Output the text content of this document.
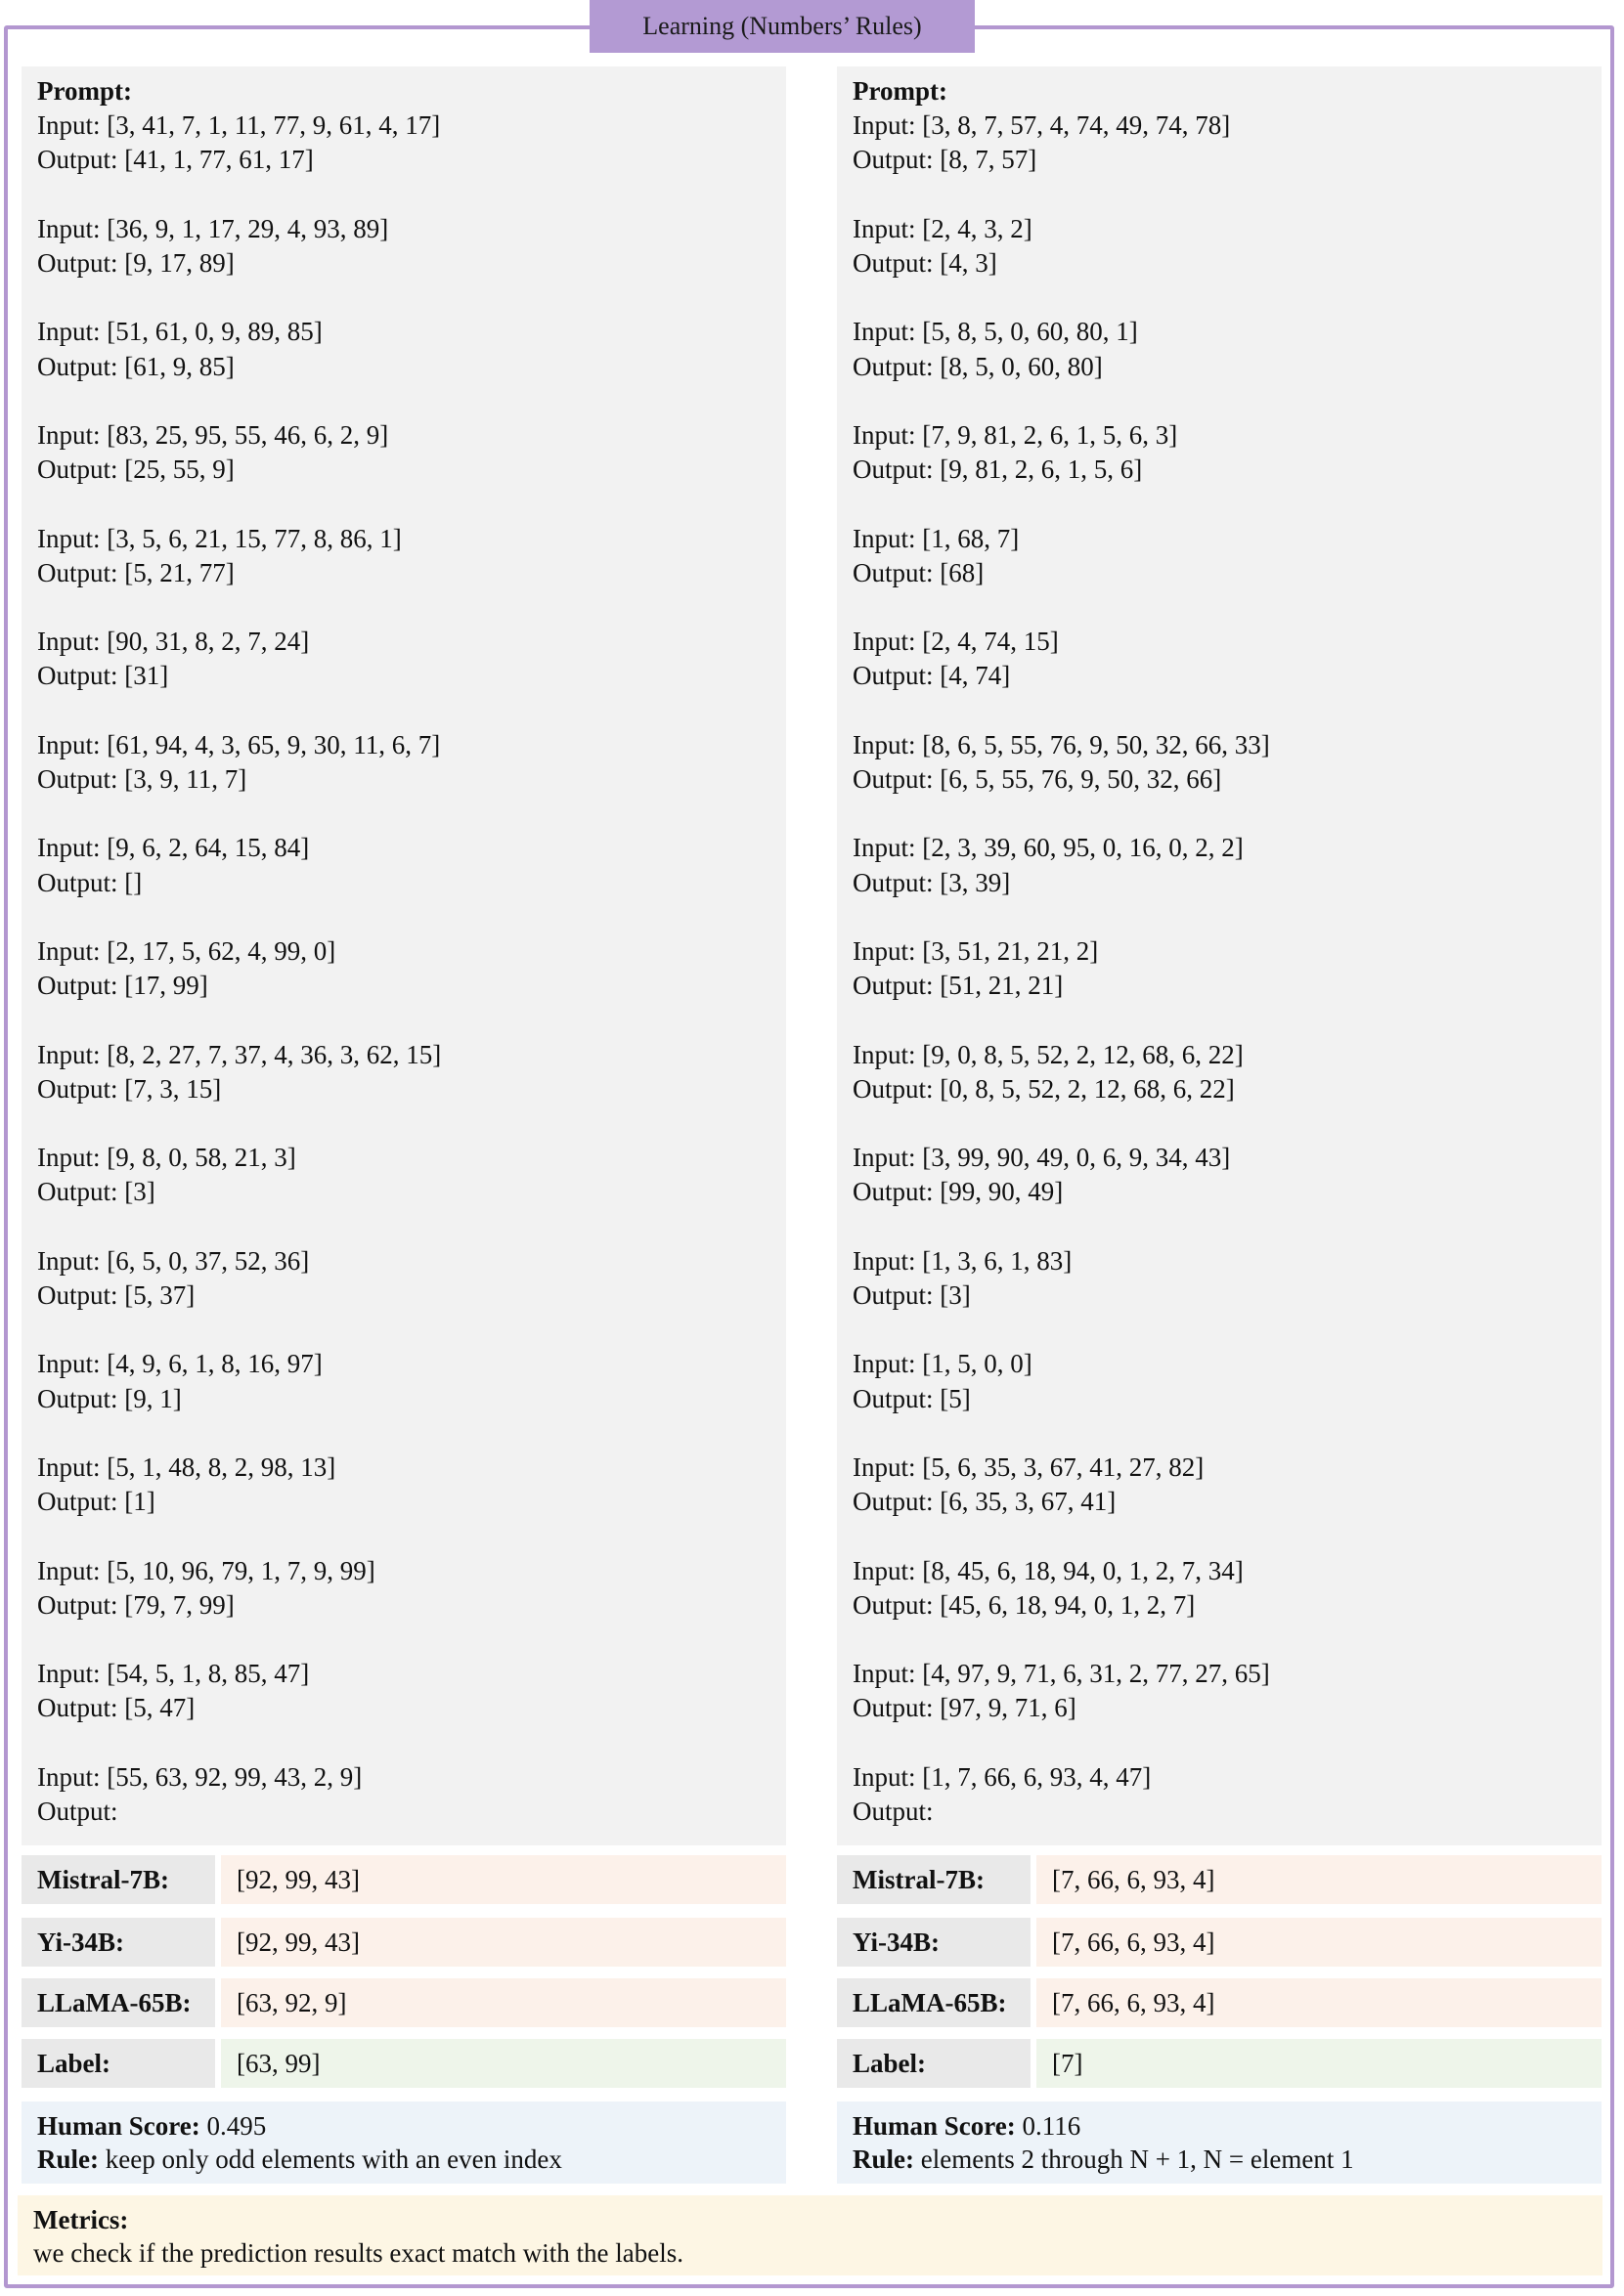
Learning (Numbers’ Rules)
Prompt:
Input: [3, 41, 7, 1, 11, 77, 9, 61, 4, 17]
Output: [41, 1, 77, 61, 17]
Input: [36, 9, 1, 17, 29, 4, 93, 89]
Output: [9, 17, 89]
Input: [51, 61, 0, 9, 89, 85]
Output: [61, 9, 85]
Input: [83, 25, 95, 55, 46, 6, 2, 9]
Output: [25, 55, 9]
Input: [3, 5, 6, 21, 15, 77, 8, 86, 1]
Output: [5, 21, 77]
Input: [90, 31, 8, 2, 7, 24]
Output: [31]
Input: [61, 94, 4, 3, 65, 9, 30, 11, 6, 7]
Output: [3, 9, 11, 7]
Input: [9, 6, 2, 64, 15, 84]
Output: []
Input: [2, 17, 5, 62, 4, 99, 0]
Output: [17, 99]
Input: [8, 2, 27, 7, 37, 4, 36, 3, 62, 15]
Output: [7, 3, 15]
Input: [9, 8, 0, 58, 21, 3]
Output: [3]
Input: [6, 5, 0, 37, 52, 36]
Output: [5, 37]
Input: [4, 9, 6, 1, 8, 16, 97]
Output: [9, 1]
Input: [5, 1, 48, 8, 2, 98, 13]
Output: [1]
Input: [5, 10, 96, 79, 1, 7, 9, 99]
Output: [79, 7, 99]
Input: [54, 5, 1, 8, 85, 47]
Output: [5, 47]
Input: [55, 63, 92, 99, 43, 2, 9]
Output:
Prompt:
Input: [3, 8, 7, 57, 4, 74, 49, 74, 78]
Output: [8, 7, 57]
Input: [2, 4, 3, 2]
Output: [4, 3]
Input: [5, 8, 5, 0, 60, 80, 1]
Output: [8, 5, 0, 60, 80]
Input: [7, 9, 81, 2, 6, 1, 5, 6, 3]
Output: [9, 81, 2, 6, 1, 5, 6]
Input: [1, 68, 7]
Output: [68]
Input: [2, 4, 74, 15]
Output: [4, 74]
Input: [8, 6, 5, 55, 76, 9, 50, 32, 66, 33]
Output: [6, 5, 55, 76, 9, 50, 32, 66]
Input: [2, 3, 39, 60, 95, 0, 16, 0, 2, 2]
Output: [3, 39]
Input: [3, 51, 21, 21, 2]
Output: [51, 21, 21]
Input: [9, 0, 8, 5, 52, 2, 12, 68, 6, 22]
Output: [0, 8, 5, 52, 2, 12, 68, 6, 22]
Input: [3, 99, 90, 49, 0, 6, 9, 34, 43]
Output: [99, 90, 49]
Input: [1, 3, 6, 1, 83]
Output: [3]
Input: [1, 5, 0, 0]
Output: [5]
Input: [5, 6, 35, 3, 67, 41, 27, 82]
Output: [6, 35, 3, 67, 41]
Input: [8, 45, 6, 18, 94, 0, 1, 2, 7, 34]
Output: [45, 6, 18, 94, 0, 1, 2, 7]
Input: [4, 97, 9, 71, 6, 31, 2, 77, 27, 65]
Output: [97, 9, 71, 6]
Input: [1, 7, 66, 6, 93, 4, 47]
Output:
Mistral-7B:	[92, 99, 43]
Yi-34B:	[92, 99, 43]
LLaMA-65B:	[63, 92, 9]
Label:	[63, 99]
Mistral-7B:	[7, 66, 6, 93, 4]
Yi-34B:	[7, 66, 6, 93, 4]
LLaMA-65B:	[7, 66, 6, 93, 4]
Label:	[7]
Human Score: 0.495
Rule: keep only odd elements with an even index
Human Score: 0.116
Rule: elements 2 through N + 1, N = element 1
Metrics:
we check if the prediction results exact match with the labels.
